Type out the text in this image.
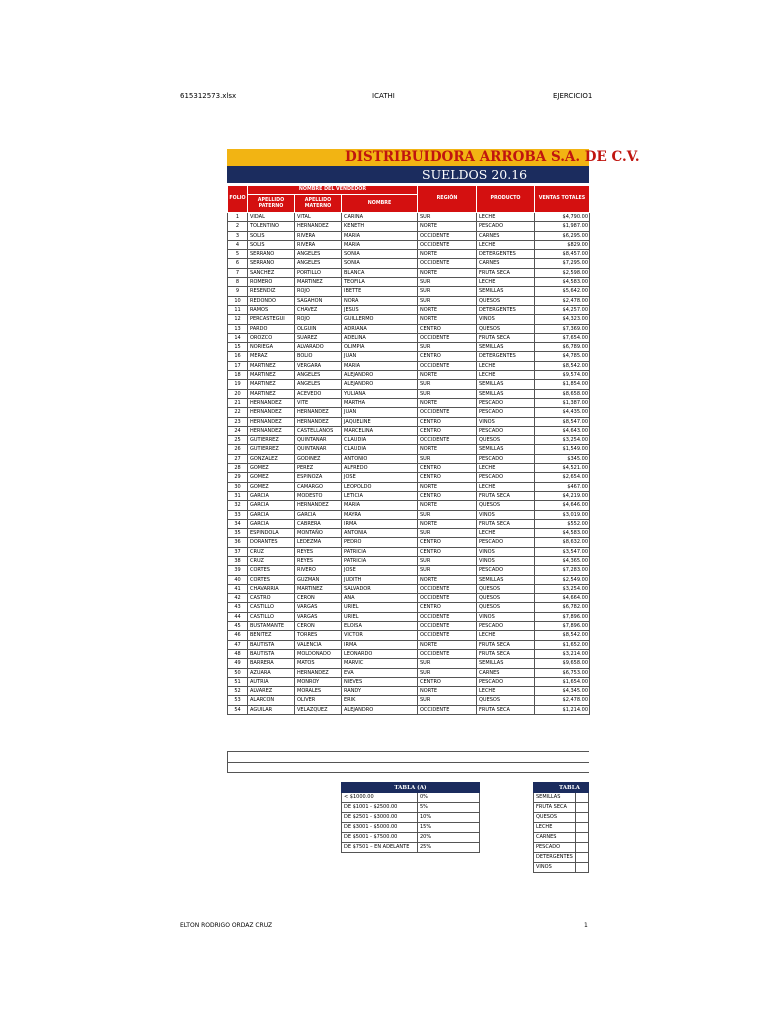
615312573.xlsx	ICATHI	EJERCICIO1
DISTRIBUIDORA ARROBA S.A. DE C.V.
SUELDOS 20.16
FOLIO	NOMBRE DEL VENDEDOR			REGIÓN	PRODUCTO	VENTAS TOTALES
	APELLIDO PATERNO	APELLIDO MATERNO	NOMBRE			
1	VIDAL	VITAL	CARINA	SUR	LECHE	$4,790.00
2	TOLENTINO	HERNANDEZ	KENETH	NORTE	PESCADO	$1,987.00
3	SOLIS	RIVERA	MARIA	OCCIDENTE	CARNES	$6,295.00
4	SOLIS	RIVERA	MARIA	OCCIDENTE	LECHE	$829.00
5	SERRANO	ANGELES	SONIA	NORTE	DETERGENTES	$8,457.00
6	SERRANO	ANGELES	SONIA	OCCIDENTE	CARNES	$7,295.00
7	SANCHEZ	PORTILLO	BLANCA	NORTE	FRUTA SECA	$2,598.00
8	ROMERO	MARTINEZ	TEOFILA	SUR	LECHE	$4,583.00
9	RESENDIZ	ROJO	IBETTE	SUR	SEMILLAS	$5,642.00
10	REDONDO	SAGAHON	NORA	SUR	QUESOS	$2,478.00
11	RAMOS	CHAVEZ	JESUS	NORTE	DETERGENTES	$4,257.00
12	PERCASTEGUI	ROJO	GUILLERMO	NORTE	VINOS	$4,323.00
13	PARDO	OLGUIN	ADRIANA	CENTRO	QUESOS	$7,369.00
14	OROZCO	SUAREZ	ADELINA	OCCIDENTE	FRUTA SECA	$7,654.00
15	NORIEGA	ALVARADO	OLIMPIA	SUR	SEMILLAS	$6,789.00
16	MERAZ	BOLIO	JUAN	CENTRO	DETERGENTES	$4,785.00
17	MARTINEZ	VERGARA	MARIA	OCCIDENTE	LECHE	$8,542.00
18	MARTINEZ	ANGELES	ALEJANDRO	NORTE	LECHE	$9,574.00
19	MARTINEZ	ANGELES	ALEJANDRO	SUR	SEMILLAS	$1,854.00
20	MARTINEZ	ACEVEDO	YULIANA	SUR	SEMILLAS	$8,658.00
21	HERNANDEZ	VITE	MARTHA	NORTE	PESCADO	$1,387.00
22	HERNANDEZ	HERNANDEZ	JUAN	OCCIDENTE	PESCADO	$4,435.00
23	HERNANDEZ	HERNANDEZ	JAQUELINE	CENTRO	VINOS	$8,547.00
24	HERNANDEZ	CASTELLANOS	MARCELINA	CENTRO	PESCADO	$4,643.00
25	GUTIERREZ	QUINTANAR	CLAUDIA	OCCIDENTE	QUESOS	$3,254.00
26	GUTIERREZ	QUINTANAR	CLAUDIA	NORTE	SEMILLAS	$1,549.00
27	GONZALEZ	GODINEZ	ANTONIO	SUR	PESCADO	$345.00
28	GOMEZ	PEREZ	ALFREDO	CENTRO	LECHE	$4,521.00
29	GOMEZ	ESPINOZA	JOSE	CENTRO	PESCADO	$2,654.00
30	GOMEZ	CAMARGO	LEOPOLDO	NORTE	LECHE	$467.00
31	GARCIA	MODESTO	LETICIA	CENTRO	FRUTA SECA	$4,219.00
32	GARCIA	HERNANDEZ	MARIA	NORTE	QUESOS	$4,646.00
33	GARCIA	GARCIA	MAYRA	SUR	VINOS	$3,019.00
34	GARCIA	CABRERA	IRMA	NORTE	FRUTA SECA	$552.00
35	ESPINDOLA	MONTAÑO	ANTONIA	SUR	LECHE	$4,583.00
36	DORANTES	LEDEZMA	PEDRO	CENTRO	PESCADO	$8,632.00
37	CRUZ	REYES	PATRICIA	CENTRO	VINOS	$3,547.00
38	CRUZ	REYES	PATRICIA	SUR	VINOS	$4,365.00
39	CORTES	RIVERO	JOSE	SUR	PESCADO	$7,283.00
40	CORTES	GUZMAN	JUDITH	NORTE	SEMILLAS	$2,549.00
41	CHAVARRIA	MARTINEZ	SALVADOR	OCCIDENTE	QUESOS	$3,254.00
42	CASTRO	CERON	ANA	OCCIDENTE	QUESOS	$4,664.00
43	CASTILLO	VARGAS	URIEL	CENTRO	QUESOS	$6,782.00
44	CASTILLO	VARGAS	URIEL	OCCIDENTE	VINOS	$7,896.00
45	BUSTAMANTE	CERON	ELOISA	OCCIDENTE	PESCADO	$7,896.00
46	BENITEZ	TORRES	VICTOR	OCCIDENTE	LECHE	$8,542.00
47	BAUTISTA	VALENCIA	IRMA	NORTE	FRUTA SECA	$1,652.00
48	BAUTISTA	MOLDONADO	LEONARDO	OCCIDENTE	FRUTA SECA	$3,214.00
49	BARRERA	MATOS	MARVIC	SUR	SEMILLAS	$9,658.00
50	AZUARA	HERNANDEZ	EVA	SUR	CARNES	$6,753.00
51	AUTRIA	MONROY	NIEVES	CENTRO	PESCADO	$1,654.00
52	ALVAREZ	MORALES	RANDY	NORTE	LECHE	$4,345.00
53	ALARCON	OLIVER	ERIK	SUR	QUESOS	$2,478.00
54	AGUILAR	VELAZQUEZ	ALEJANDRO	OCCIDENTE	FRUTA SECA	$1,214.00
TABLA (A)	
< $1000.00	0%
DE $1001 - $2500.00	5%
DE $2501 - $3000.00	10%
DE $3001 - $5000.00	15%
DE $5001 - $7500.00	20%
DE $7501 – EN ADELANTE	25%
TABLA	
SEMILLAS	
FRUTA SECA	
QUESOS	
LECHE	
CARNES	
PESCADO	
DETERGENTES	
VINOS	
ELTON RODRIGO ORDAZ CRUZ	1
